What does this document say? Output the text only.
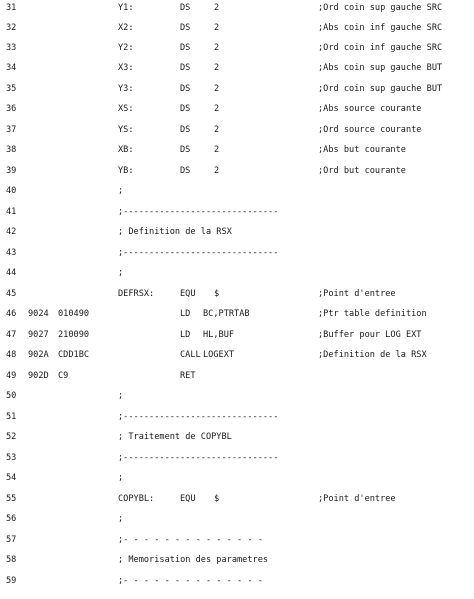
31	Y1:	DS	2	;Ord coin sup gauche SRC
32	X2:	DS	2	;Abs coin inf gauche SRC
33	Y2:	DS	2	;Ord coin inf gauche SRC
34	X3:	DS	2	;Abs coin sup gauche BUT
35	Y3:	DS	2	;Ord coin sup gauche BUT
36	XS:	DS	2	;Abs source courante
37	YS:	DS	2	;Ord source courante
38	XB:	DS	2	;Abs but courante
39	YB:	DS	2	;Ord but courante
40	;
41	;------------------------------
42	; Definition de la RSX
43	;------------------------------
44	;
45	DEFRSX:	EQU $	;Point d'entree
46 9024 010490	LD BC,PTRTAB	;Ptr table definition
47 9027 210090	LD HL,BUF	;Buffer pour LOG EXT
48 902A CDD1BC	CALL LOGEXT	;Definition de la RSX
49 902D C9	RET
50	;
51	;------------------------------
52	; Traitement de COPYBL
53	;------------------------------
54	;
55	COPYBL:	EQU $	;Point d'entree
56	;
57	;- - - - - - - - - - - - - -
58	; Memorisation des parametres
59	;- - - - - - - - - - - - - -
